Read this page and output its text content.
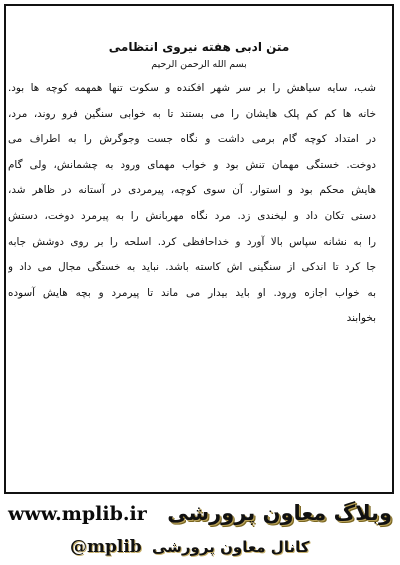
متن ادبی هفته نیروی انتظامی
بسم الله الرحمن الرحیم
شب، سایه سیاهش را بر سر شهر افکنده و سکوت تنها همهمه کوچه ها بود.
خانه ها کم کم پلک هایشان را می بستند تا به خوابی سنگین فرو روند، مرد،
در امتداد کوچه گام برمی داشت و نگاه جست وجوگرش را به اطراف می
دوخت. خستگی مهمان تنش بود و خواب مهمای ورود به چشمانش، ولی گام
هایش محکم بود و استوار. آن سوی کوچه، پیرمردی در آستانه در ظاهر شد،
دستی تکان داد و لبخندی زد. مرد نگاه مهربانش را به پیرمرد دوخت، دستش
را به نشانه سپاس بالا آورد و خداحافظی کرد. اسلحه را بر روی دوشش جابه
جا کرد تا اندکی از سنگینی اش کاسته باشد. نباید به خستگی مجال می داد و
به خواب اجازه ورود. او باید بیدار می ماند تا پیرمرد و بچه هایش آسوده
بخوابند
www.mplib.ir وبلاگ معاون پرورشی
@mplib کانال معاون پرورشی
